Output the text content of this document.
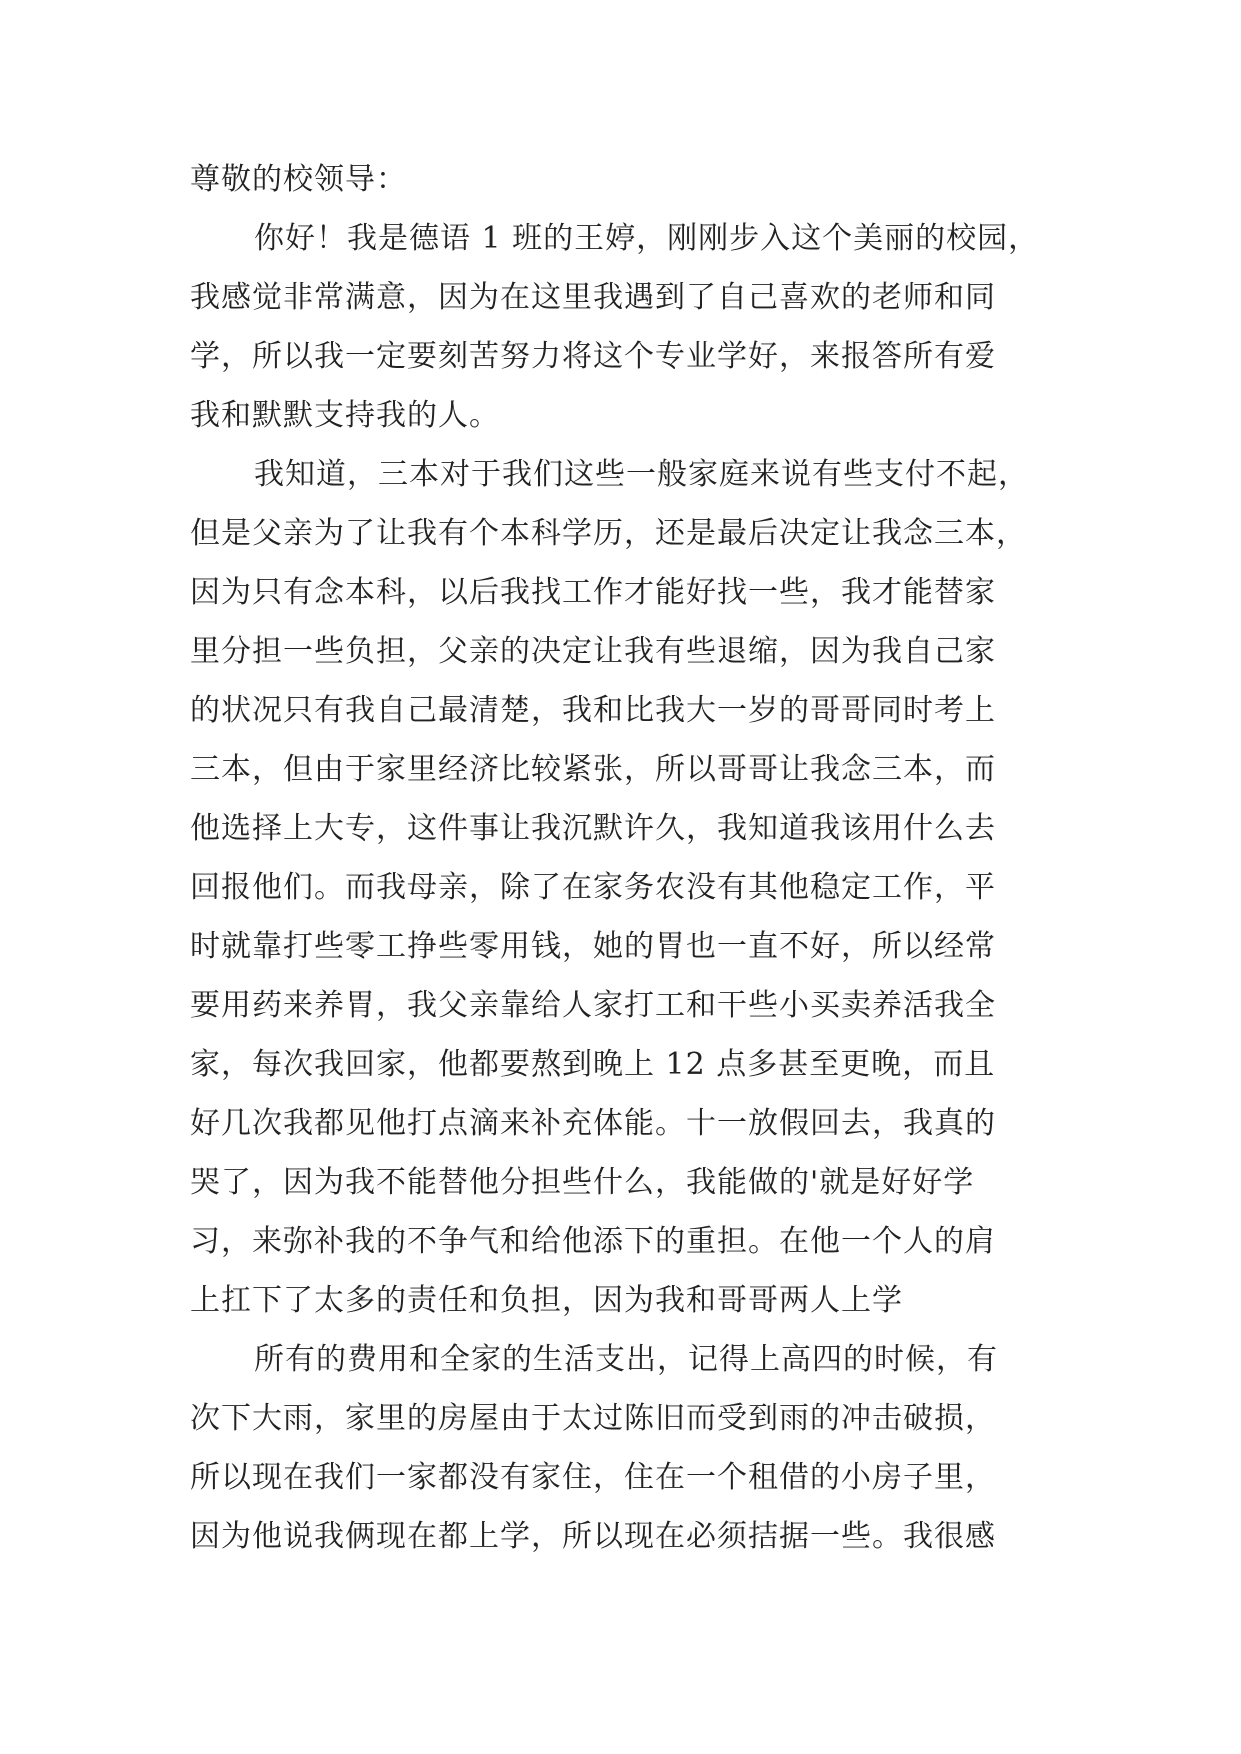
尊敬的校领导：
你好！我是德语 1 班的王婷，刚刚步入这个美丽的校园，
我感觉非常满意，因为在这里我遇到了自己喜欢的老师和同
学，所以我一定要刻苦努力将这个专业学好，来报答所有爱
我和默默支持我的人。
我知道，三本对于我们这些一般家庭来说有些支付不起，
但是父亲为了让我有个本科学历，还是最后决定让我念三本，
因为只有念本科，以后我找工作才能好找一些，我才能替家
里分担一些负担，父亲的决定让我有些退缩，因为我自己家
的状况只有我自己最清楚，我和比我大一岁的哥哥同时考上
三本，但由于家里经济比较紧张，所以哥哥让我念三本，而
他选择上大专，这件事让我沉默许久，我知道我该用什么去
回报他们。而我母亲，除了在家务农没有其他稳定工作，平
时就靠打些零工挣些零用钱，她的胃也一直不好，所以经常
要用药来养胃，我父亲靠给人家打工和干些小买卖养活我全
家，每次我回家，他都要熬到晚上 12 点多甚至更晚，而且
好几次我都见他打点滴来补充体能。十一放假回去，我真的
哭了，因为我不能替他分担些什么，我能做的'就是好好学
习，来弥补我的不争气和给他添下的重担。在他一个人的肩
上扛下了太多的责任和负担，因为我和哥哥两人上学
所有的费用和全家的生活支出，记得上高四的时候，有
次下大雨，家里的房屋由于太过陈旧而受到雨的冲击破损，
所以现在我们一家都没有家住，住在一个租借的小房子里，
因为他说我俩现在都上学，所以现在必须拮据一些。我很感
